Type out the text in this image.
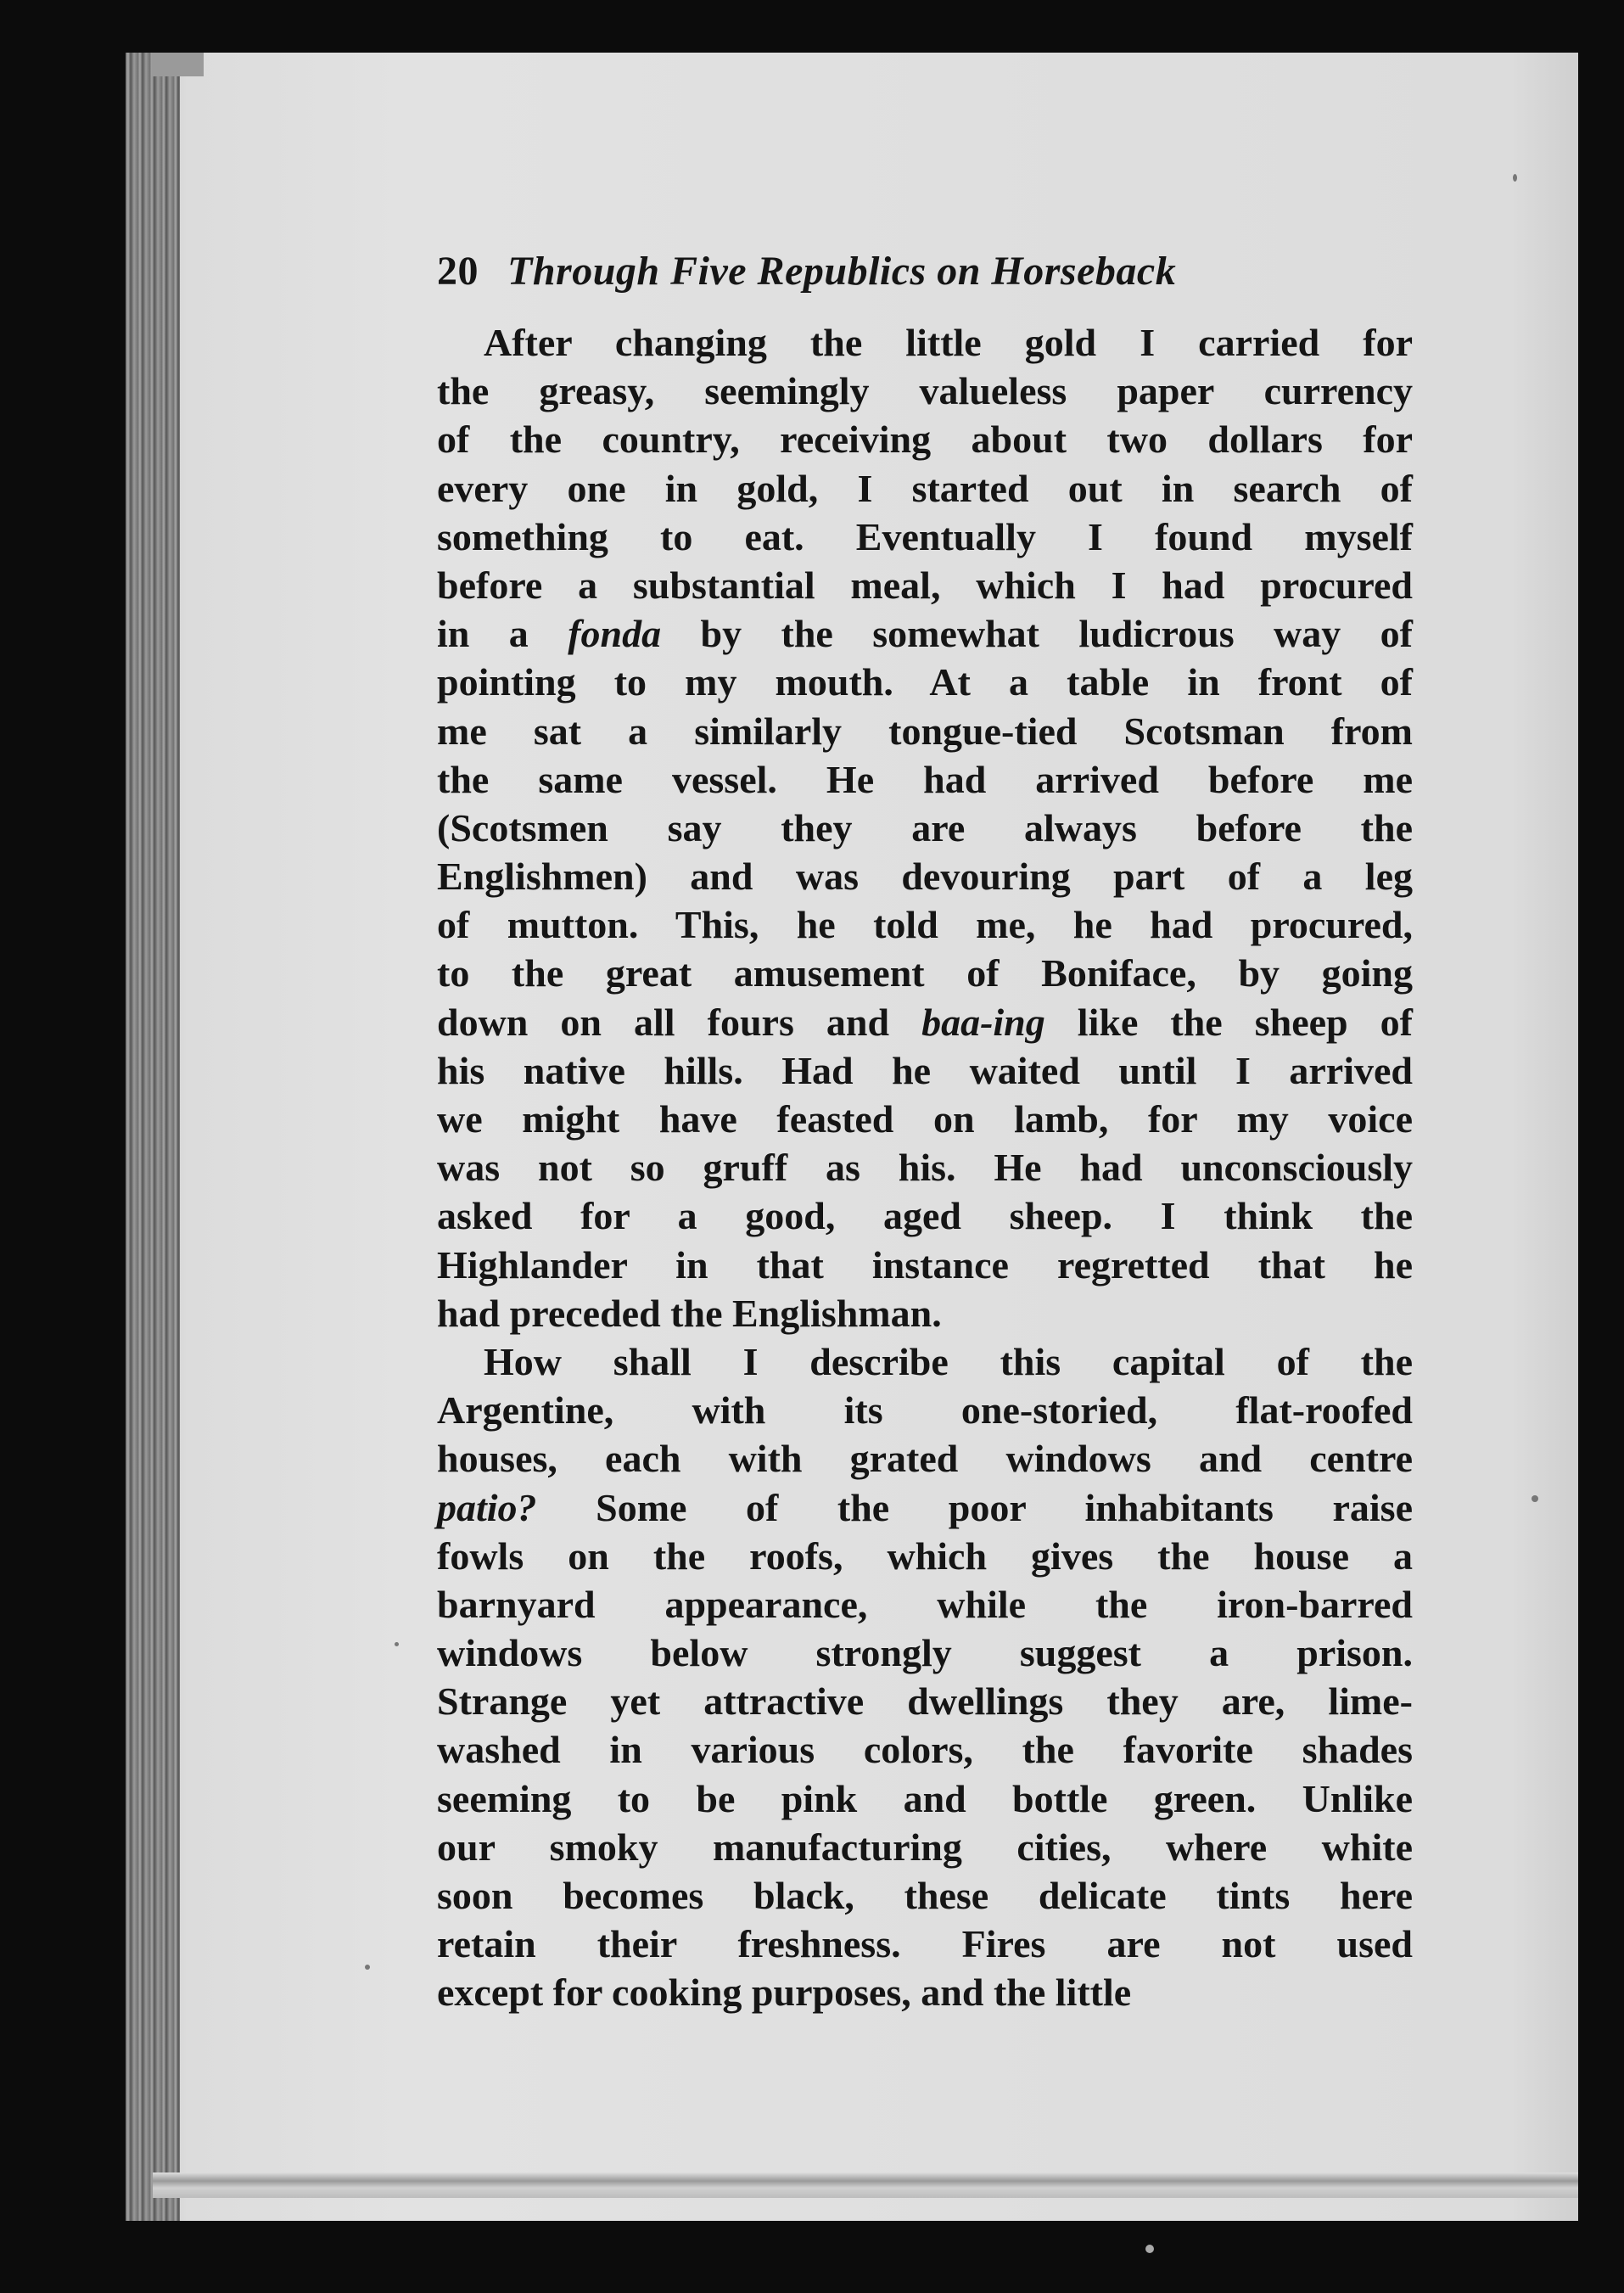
20 Through Five Republics on Horseback
After changing the little gold I carried for
the greasy, seemingly valueless paper currency
of the country, receiving about two dollars for
every one in gold, I started out in search of
something to eat. Eventually I found myself
before a substantial meal, which I had procured
in a fonda by the somewhat ludicrous way of
pointing to my mouth. At a table in front of
me sat a similarly tongue-tied Scotsman from
the same vessel. He had arrived before me
(Scotsmen say they are always before the
Englishmen) and was devouring part of a leg
of mutton. This, he told me, he had procured,
to the great amusement of Boniface, by going
down on all fours and baa-ing like the sheep of
his native hills. Had he waited until I arrived
we might have feasted on lamb, for my voice
was not so gruff as his. He had unconsciously
asked for a good, aged sheep. I think the
Highlander in that instance regretted that he
had preceded the Englishman.
How shall I describe this capital of the
Argentine, with its one-storied, flat-roofed
houses, each with grated windows and centre
patio? Some of the poor inhabitants raise
fowls on the roofs, which gives the house a
barnyard appearance, while the iron-barred
windows below strongly suggest a prison.
Strange yet attractive dwellings they are, lime-
washed in various colors, the favorite shades
seeming to be pink and bottle green. Unlike
our smoky manufacturing cities, where white
soon becomes black, these delicate tints here
retain their freshness. Fires are not used
except for cooking purposes, and the little
